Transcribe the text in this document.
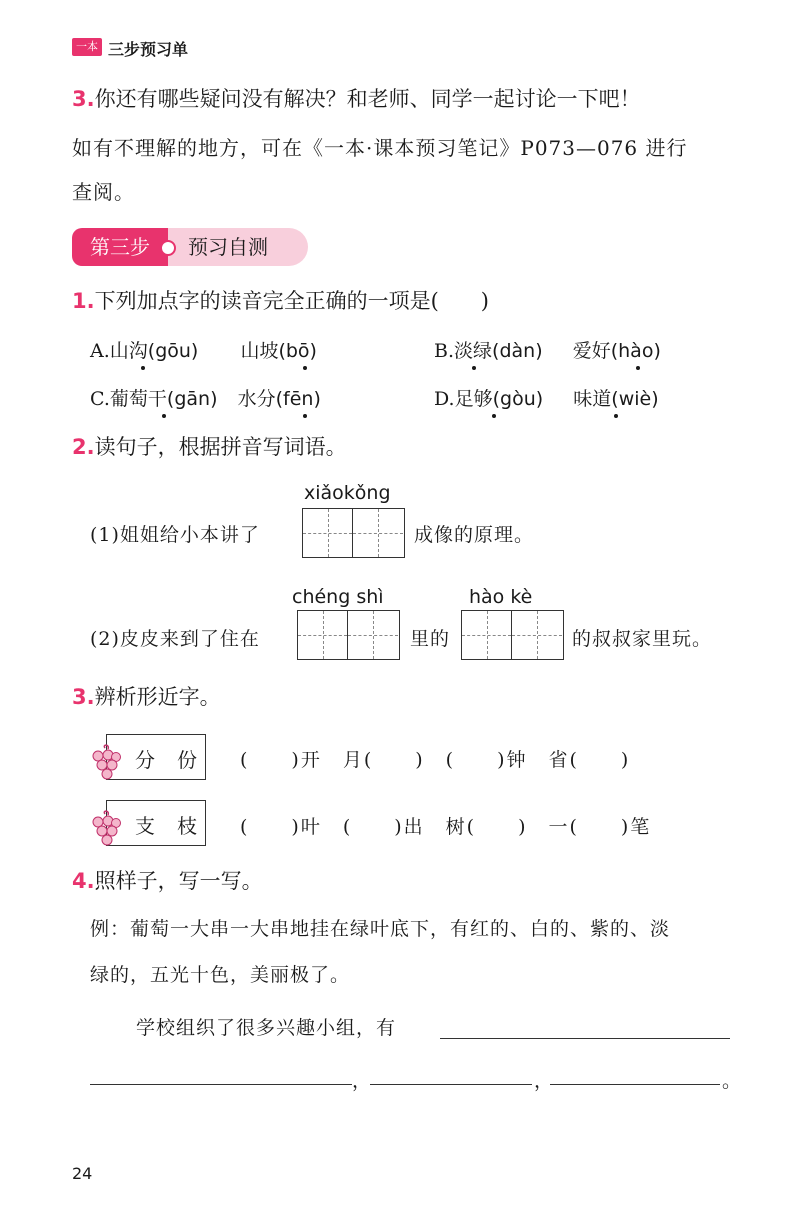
一本 三步预习单
3.你还有哪些疑问没有解决？和老师、同学一起讨论一下吧！
如有不理解的地方，可在《一本·课本预习笔记》P073—076 进行
查阅。
第三步	预习自测
1.下列加点字的读音完全正确的一项是(　　)
A.山沟(gōu) 山坡(bō)	B.淡绿(dàn) 爱好(hào)
C.葡萄干(gān) 水分(fēn)	D.足够(gòu) 味道(wiè)
2.读句子，根据拼音写词语。
xiǎokǒng
(1)姐姐给小本讲了	成像的原理。
chéng shì	hào kè
(2)皮皮来到了住在	里的	的叔叔家里玩。
3.辨析形近字。
分份 (　　)开　月(　　)　(　　)钟　省(　　)
支枝 (　　)叶　(　　)出　树(　　)　一(　　)笔
4.照样子，写一写。
例：葡萄一大串一大串地挂在绿叶底下，有红的、白的、紫的、淡
绿的，五光十色，美丽极了。
学校组织了很多兴趣小组，有
，	，	。
24
